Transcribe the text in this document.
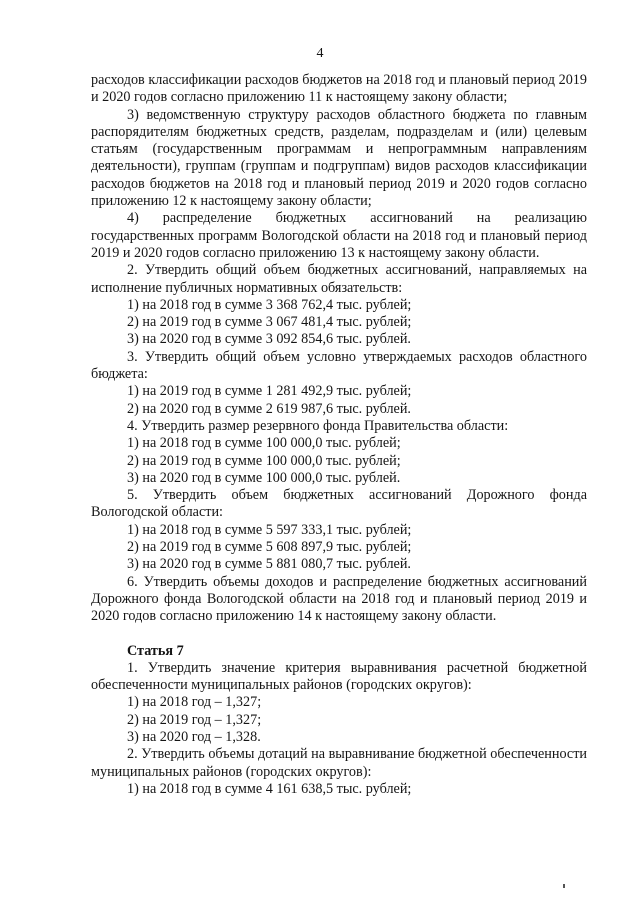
4

расходов классификации расходов бюджетов на 2018 год и плановый период 2019 и 2020 годов согласно приложению 11 к настоящему закону области;

3) ведомственную структуру расходов областного бюджета по главным распорядителям бюджетных средств, разделам, подразделам и (или) целевым статьям (государственным программам и непрограммным направлениям деятельности), группам (группам и подгруппам) видов расходов классификации расходов бюджетов на 2018 год и плановый период 2019 и 2020 годов согласно приложению 12 к настоящему закону области;

4) распределение бюджетных ассигнований на реализацию государственных программ Вологодской области на 2018 год и плановый период 2019 и 2020 годов согласно приложению 13 к настоящему закону области.

2. Утвердить общий объем бюджетных ассигнований, направляемых на исполнение публичных нормативных обязательств:

1) на 2018 год в сумме 3 368 762,4 тыс. рублей;

2) на 2019 год в сумме 3 067 481,4 тыс. рублей;

3) на 2020 год в сумме 3 092 854,6 тыс. рублей.

3. Утвердить общий объем условно утверждаемых расходов областного бюджета:

1) на 2019 год в сумме 1 281 492,9 тыс. рублей;

2) на 2020 год в сумме 2 619 987,6 тыс. рублей.

4. Утвердить размер резервного фонда Правительства области:

1) на 2018 год в сумме 100 000,0 тыс. рублей;

2) на 2019 год в сумме 100 000,0 тыс. рублей;

3) на 2020 год в сумме 100 000,0 тыс. рублей.

5. Утвердить объем бюджетных ассигнований Дорожного фонда Вологодской области:

1) на 2018 год в сумме 5 597 333,1 тыс. рублей;

2) на 2019 год в сумме 5 608 897,9 тыс. рублей;

3) на 2020 год в сумме 5 881 080,7 тыс. рублей.

6. Утвердить объемы доходов и распределение бюджетных ассигнований Дорожного фонда Вологодской области на 2018 год и плановый период 2019 и 2020 годов согласно приложению 14 к настоящему закону области.

Статья 7

1. Утвердить значение критерия выравнивания расчетной бюджетной обеспеченности муниципальных районов (городских округов):

1) на 2018 год – 1,327;

2) на 2019 год – 1,327;

3) на 2020 год – 1,328.

2. Утвердить объемы дотаций на выравнивание бюджетной обеспеченности муниципальных районов (городских округов):

1) на 2018 год в сумме 4 161 638,5 тыс. рублей;
